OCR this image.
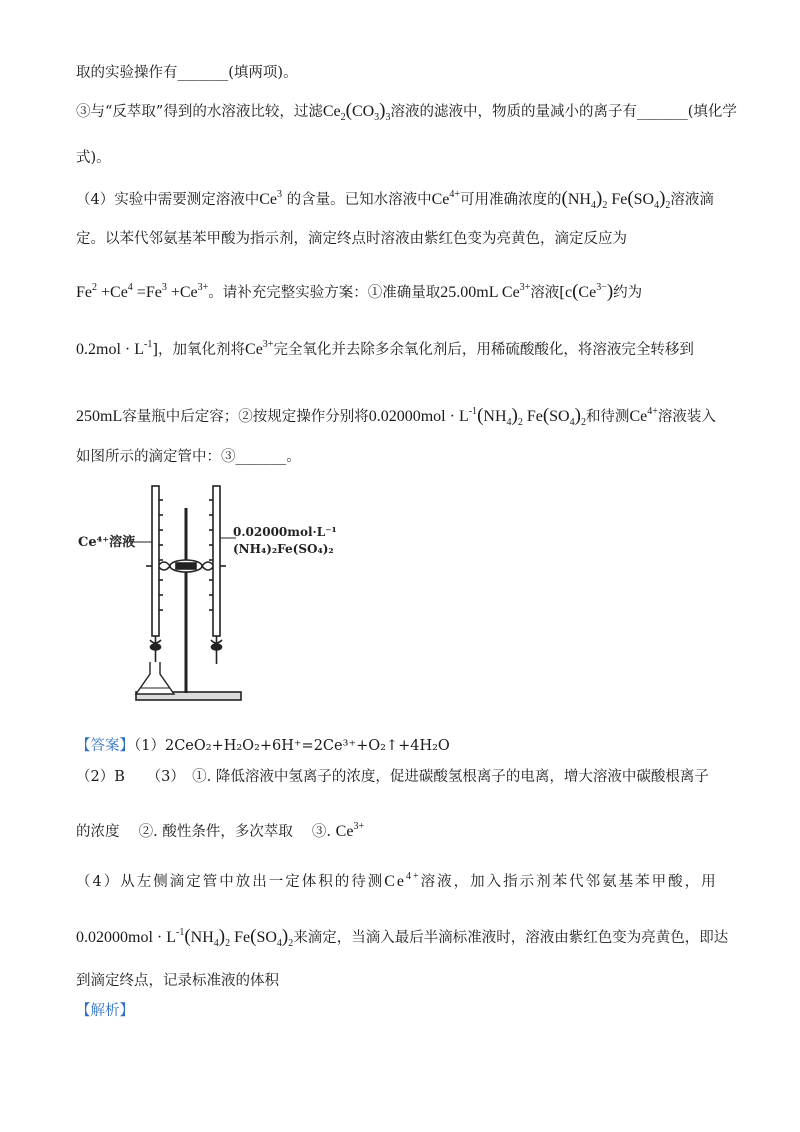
取的实验操作有_______(填两项)。
③与“反萃取”得到的水溶液比较，过滤$Ce_2(CO_3)_3$溶液的滤液中，物质的量减小的离子有_______(填化学
式)。
（4）实验中需要测定溶液中Ce$^3$ 的含量。已知水溶液中$Ce^{4+}$可用准确浓度的$(NH_4)_2$ $Fe(SO_4)_2$溶液滴
定。以苯代邻氨基苯甲酸为指示剂，滴定终点时溶液由紫红色变为亮黄色，滴定反应为
$Fe^2 +Ce^4 =Fe^3 +Ce^{3+}$。请补充完整实验方案：①准确量取25.00mL $Ce^{3+}$溶液[$c(Ce^{3-})$约为
$0.2mol \cdot L^{-1}$]，加氧化剂将$Ce^{3+}$完全氧化并去除多余氧化剂后，用稀硫酸酸化，将溶液完全转移到
250mL容量瓶中后定容；②按规定操作分别将$0.02000mol \cdot L^{-1}(NH_4)_2$ $Fe(SO_4)_2$和待测$Ce^{4+}$溶液装入
如图所示的滴定管中：③_______。
Ce⁴⁺溶液
0.02000mol·L⁻¹
(NH₄)₂Fe(SO₄)₂
【答案】（1）2CeO₂+H₂O₂+6H⁺=2Ce³⁺+O₂↑+4H₂O
（2）B　　（3）　①. 降低溶液中氢离子的浓度，促进碳酸氢根离子的电离，增大溶液中碳酸根离子
的浓度　 ②. 酸性条件，多次萃取　 ③. $Ce^{3+}$
（4）从左侧滴定管中放出一定体积的待测$Ce^{4+}$溶液，加入指示剂苯代邻氨基苯甲酸，用
$0.02000mol \cdot L^{-1}(NH_4)_2$ $Fe(SO_4)_2$来滴定，当滴入最后半滴标准液时，溶液由紫红色变为亮黄色，即达
到滴定终点，记录标准液的体积
【解析】
